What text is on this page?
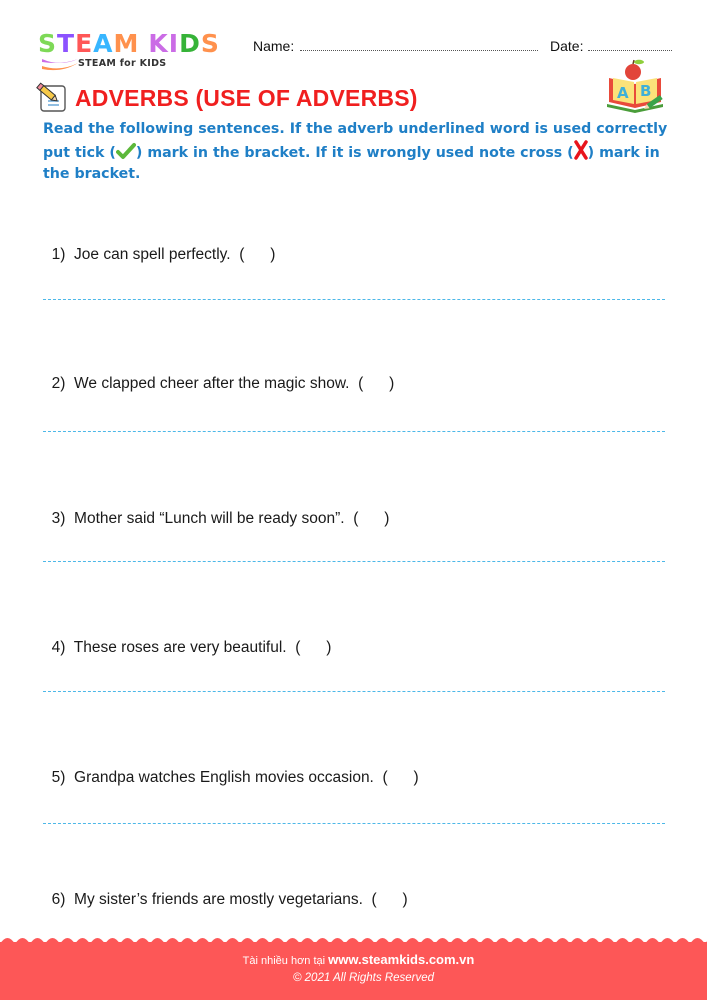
STEAM KIDS
STEAM for KIDS
Name:	Date:
ADVERBS (USE OF ADVERBS)	A B
Read the following sentences. If the adverb underlined word is used correctly put tick ( ) mark in the bracket. If it is wrongly used note cross ( ) mark in the bracket.

1) Joe can spell perfectly. (      )

2) We clapped cheer after the magic show. (      )

3) Mother said “Lunch will be ready soon”. (      )

4) These roses are very beautiful. (      )

5) Grandpa watches English movies occasion. (      )

6) My sister’s friends are mostly vegetarians. (      )

Tài nhiều hơn tại www.steamkids.com.vn
© 2021 All Rights Reserved
